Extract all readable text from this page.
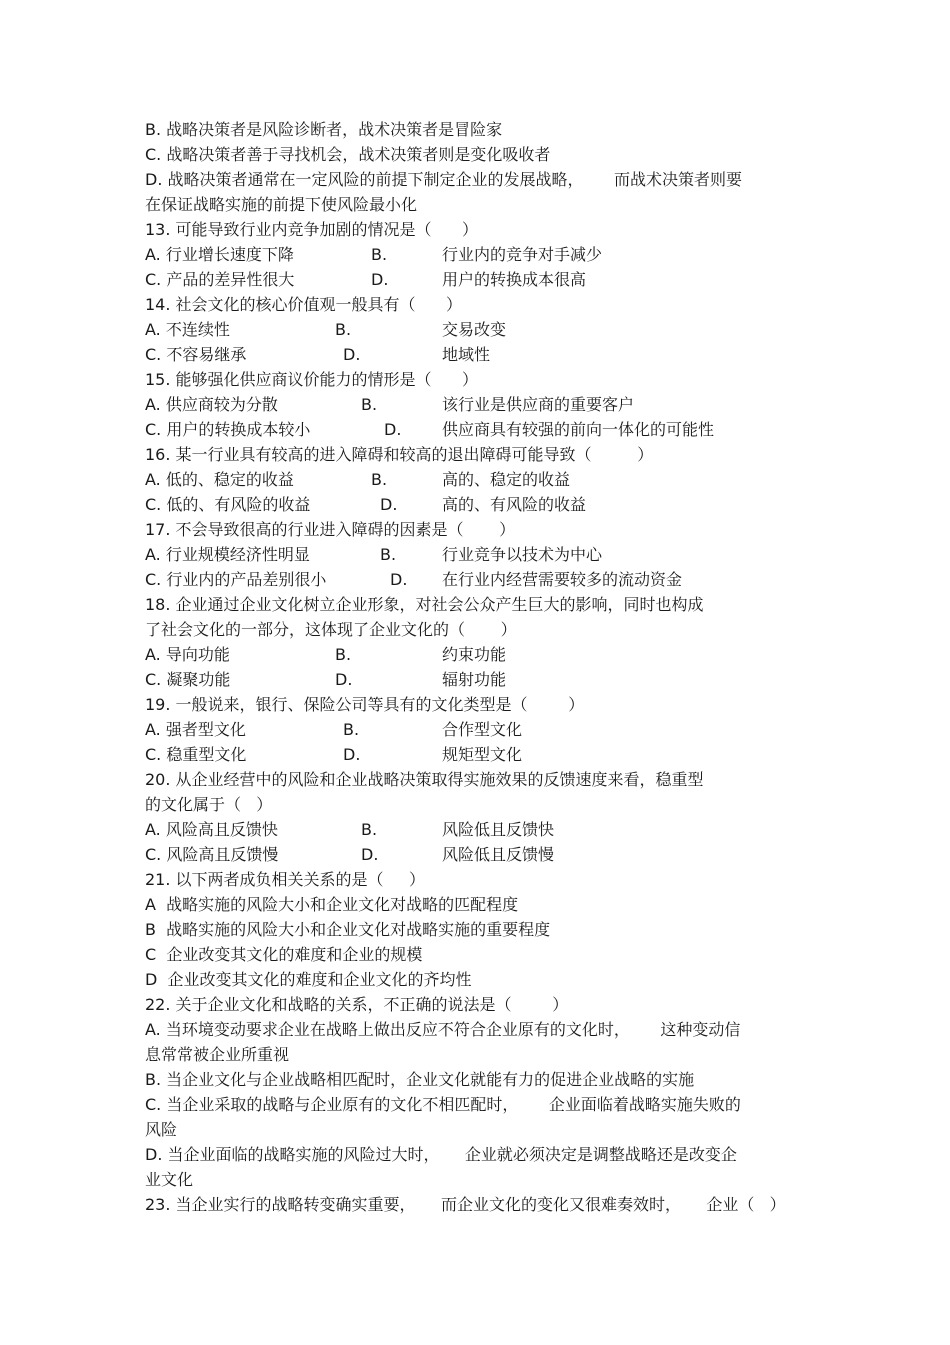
B. 战略决策者是风险诊断者，战术决策者是冒险家
C. 战略决策者善于寻找机会，战术决策者则是变化吸收者
D. 战略决策者通常在一定风险的前提下制定企业的发展战略，      而战术决策者则要
在保证战略实施的前提下使风险最小化
13. 可能导致行业内竞争加剧的情况是（      ）
A. 行业增长速度下降	B.	行业内的竞争对手减少
C. 产品的差异性很大	D.	用户的转换成本很高
14. 社会文化的核心价值观一般具有（      ）
A. 不连续性	B.	交易改变
C. 不容易继承	D.	地域性
15. 能够强化供应商议价能力的情形是（      ）
A. 供应商较为分散	B.	该行业是供应商的重要客户
C. 用户的转换成本较小	D.	供应商具有较强的前向一体化的可能性
16. 某一行业具有较高的进入障碍和较高的退出障碍可能导致（         ）
A. 低的、稳定的收益	B.	高的、稳定的收益
C. 低的、有风险的收益	D.	高的、有风险的收益
17. 不会导致很高的行业进入障碍的因素是（       ）
A. 行业规模经济性明显	B.	行业竞争以技术为中心
C. 行业内的产品差别很小	D. 在行业内经营需要较多的流动资金
18. 企业通过企业文化树立企业形象，对社会公众产生巨大的影响，同时也构成
了社会文化的一部分，这体现了企业文化的（       ）
A. 导向功能	B.	约束功能
C. 凝聚功能	D.	辐射功能
19. 一般说来，银行、保险公司等具有的文化类型是（        ）
A. 强者型文化	B.	合作型文化
C. 稳重型文化	D.	规矩型文化
20. 从企业经营中的风险和企业战略决策取得实施效果的反馈速度来看，稳重型
的文化属于（   ）
A. 风险高且反馈快	B.	风险低且反馈快
C. 风险高且反馈慢	D.	风险低且反馈慢
21. 以下两者成负相关关系的是（     ）
A  战略实施的风险大小和企业文化对战略的匹配程度
B  战略实施的风险大小和企业文化对战略实施的重要程度
C  企业改变其文化的难度和企业的规模
D  企业改变其文化的难度和企业文化的齐均性
22. 关于企业文化和战略的关系，不正确的说法是（        ）
A. 当环境变动要求企业在战略上做出反应不符合企业原有的文化时，      这种变动信
息常常被企业所重视
B. 当企业文化与企业战略相匹配时，企业文化就能有力的促进企业战略的实施
C. 当企业采取的战略与企业原有的文化不相匹配时，      企业面临着战略实施失败的
风险
D. 当企业面临的战略实施的风险过大时，     企业就必须决定是调整战略还是改变企
业文化
23. 当企业实行的战略转变确实重要，     而企业文化的变化又很难奏效时，     企业（   ）
